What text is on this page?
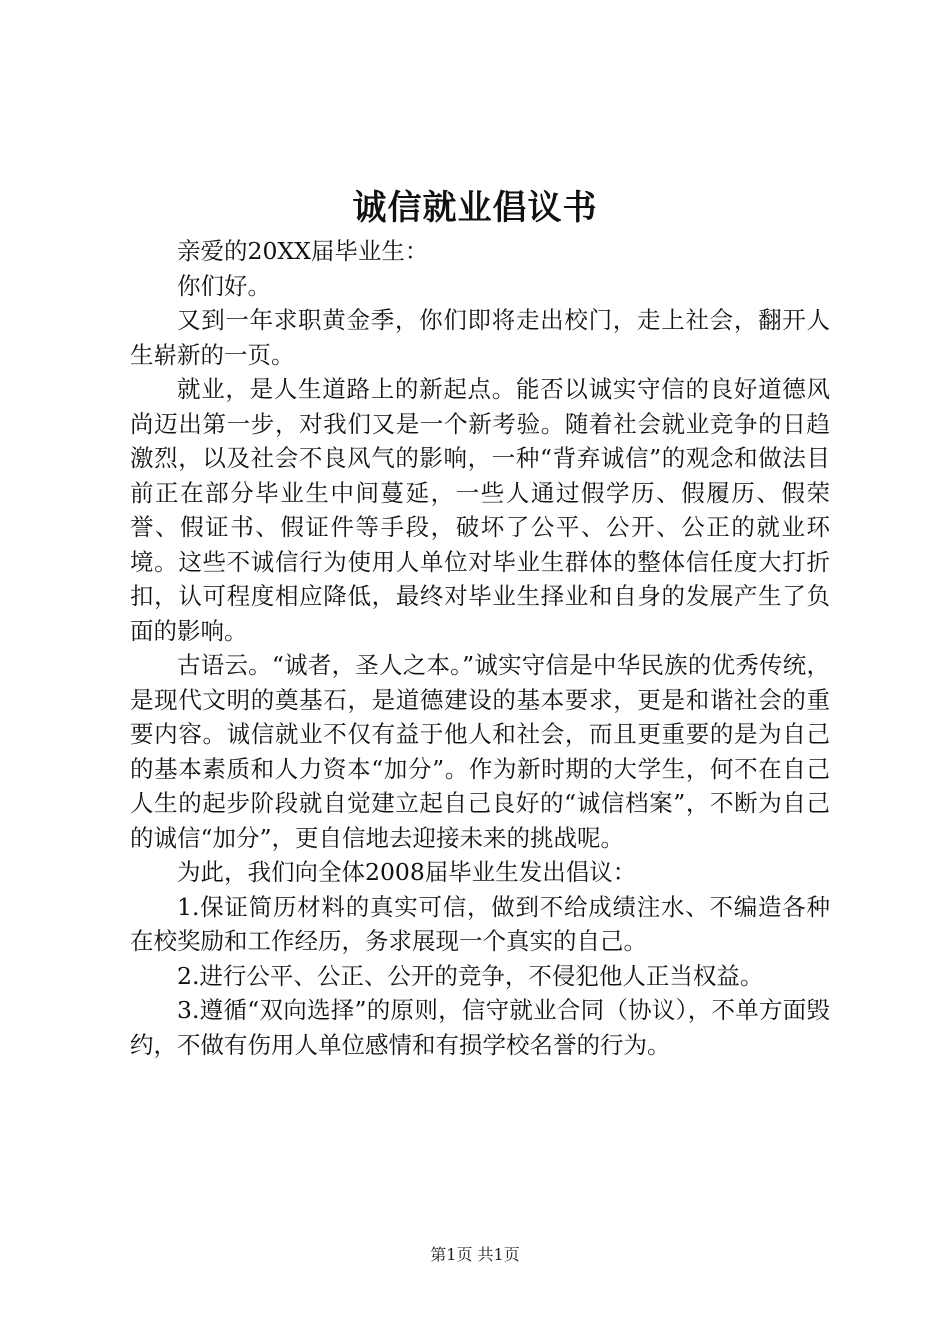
诚信就业倡议书

亲爱的20XX届毕业生：

你们好。

又到一年求职黄金季，你们即将走出校门，走上社会，翻开人生崭新的一页。

就业，是人生道路上的新起点。能否以诚实守信的良好道德风尚迈出第一步，对我们又是一个新考验。随着社会就业竞争的日趋激烈，以及社会不良风气的影响，一种“背弃诚信”的观念和做法目前正在部分毕业生中间蔓延，一些人通过假学历、假履历、假荣誉、假证书、假证件等手段，破坏了公平、公开、公正的就业环境。这些不诚信行为使用人单位对毕业生群体的整体信任度大打折扣，认可程度相应降低，最终对毕业生择业和自身的发展产生了负面的影响。

古语云。“诚者，圣人之本。”诚实守信是中华民族的优秀传统，是现代文明的奠基石，是道德建设的基本要求，更是和谐社会的重要内容。诚信就业不仅有益于他人和社会，而且更重要的是为自己的基本素质和人力资本“加分”。作为新时期的大学生，何不在自己人生的起步阶段就自觉建立起自己良好的“诚信档案”，不断为自己的诚信“加分”，更自信地去迎接未来的挑战呢。

为此，我们向全体2008届毕业生发出倡议：

1.保证简历材料的真实可信，做到不给成绩注水、不编造各种在校奖励和工作经历，务求展现一个真实的自己。

2.进行公平、公正、公开的竞争，不侵犯他人正当权益。

3.遵循“双向选择”的原则，信守就业合同（协议），不单方面毁约，不做有伤用人单位感情和有损学校名誉的行为。

第1页 共1页
